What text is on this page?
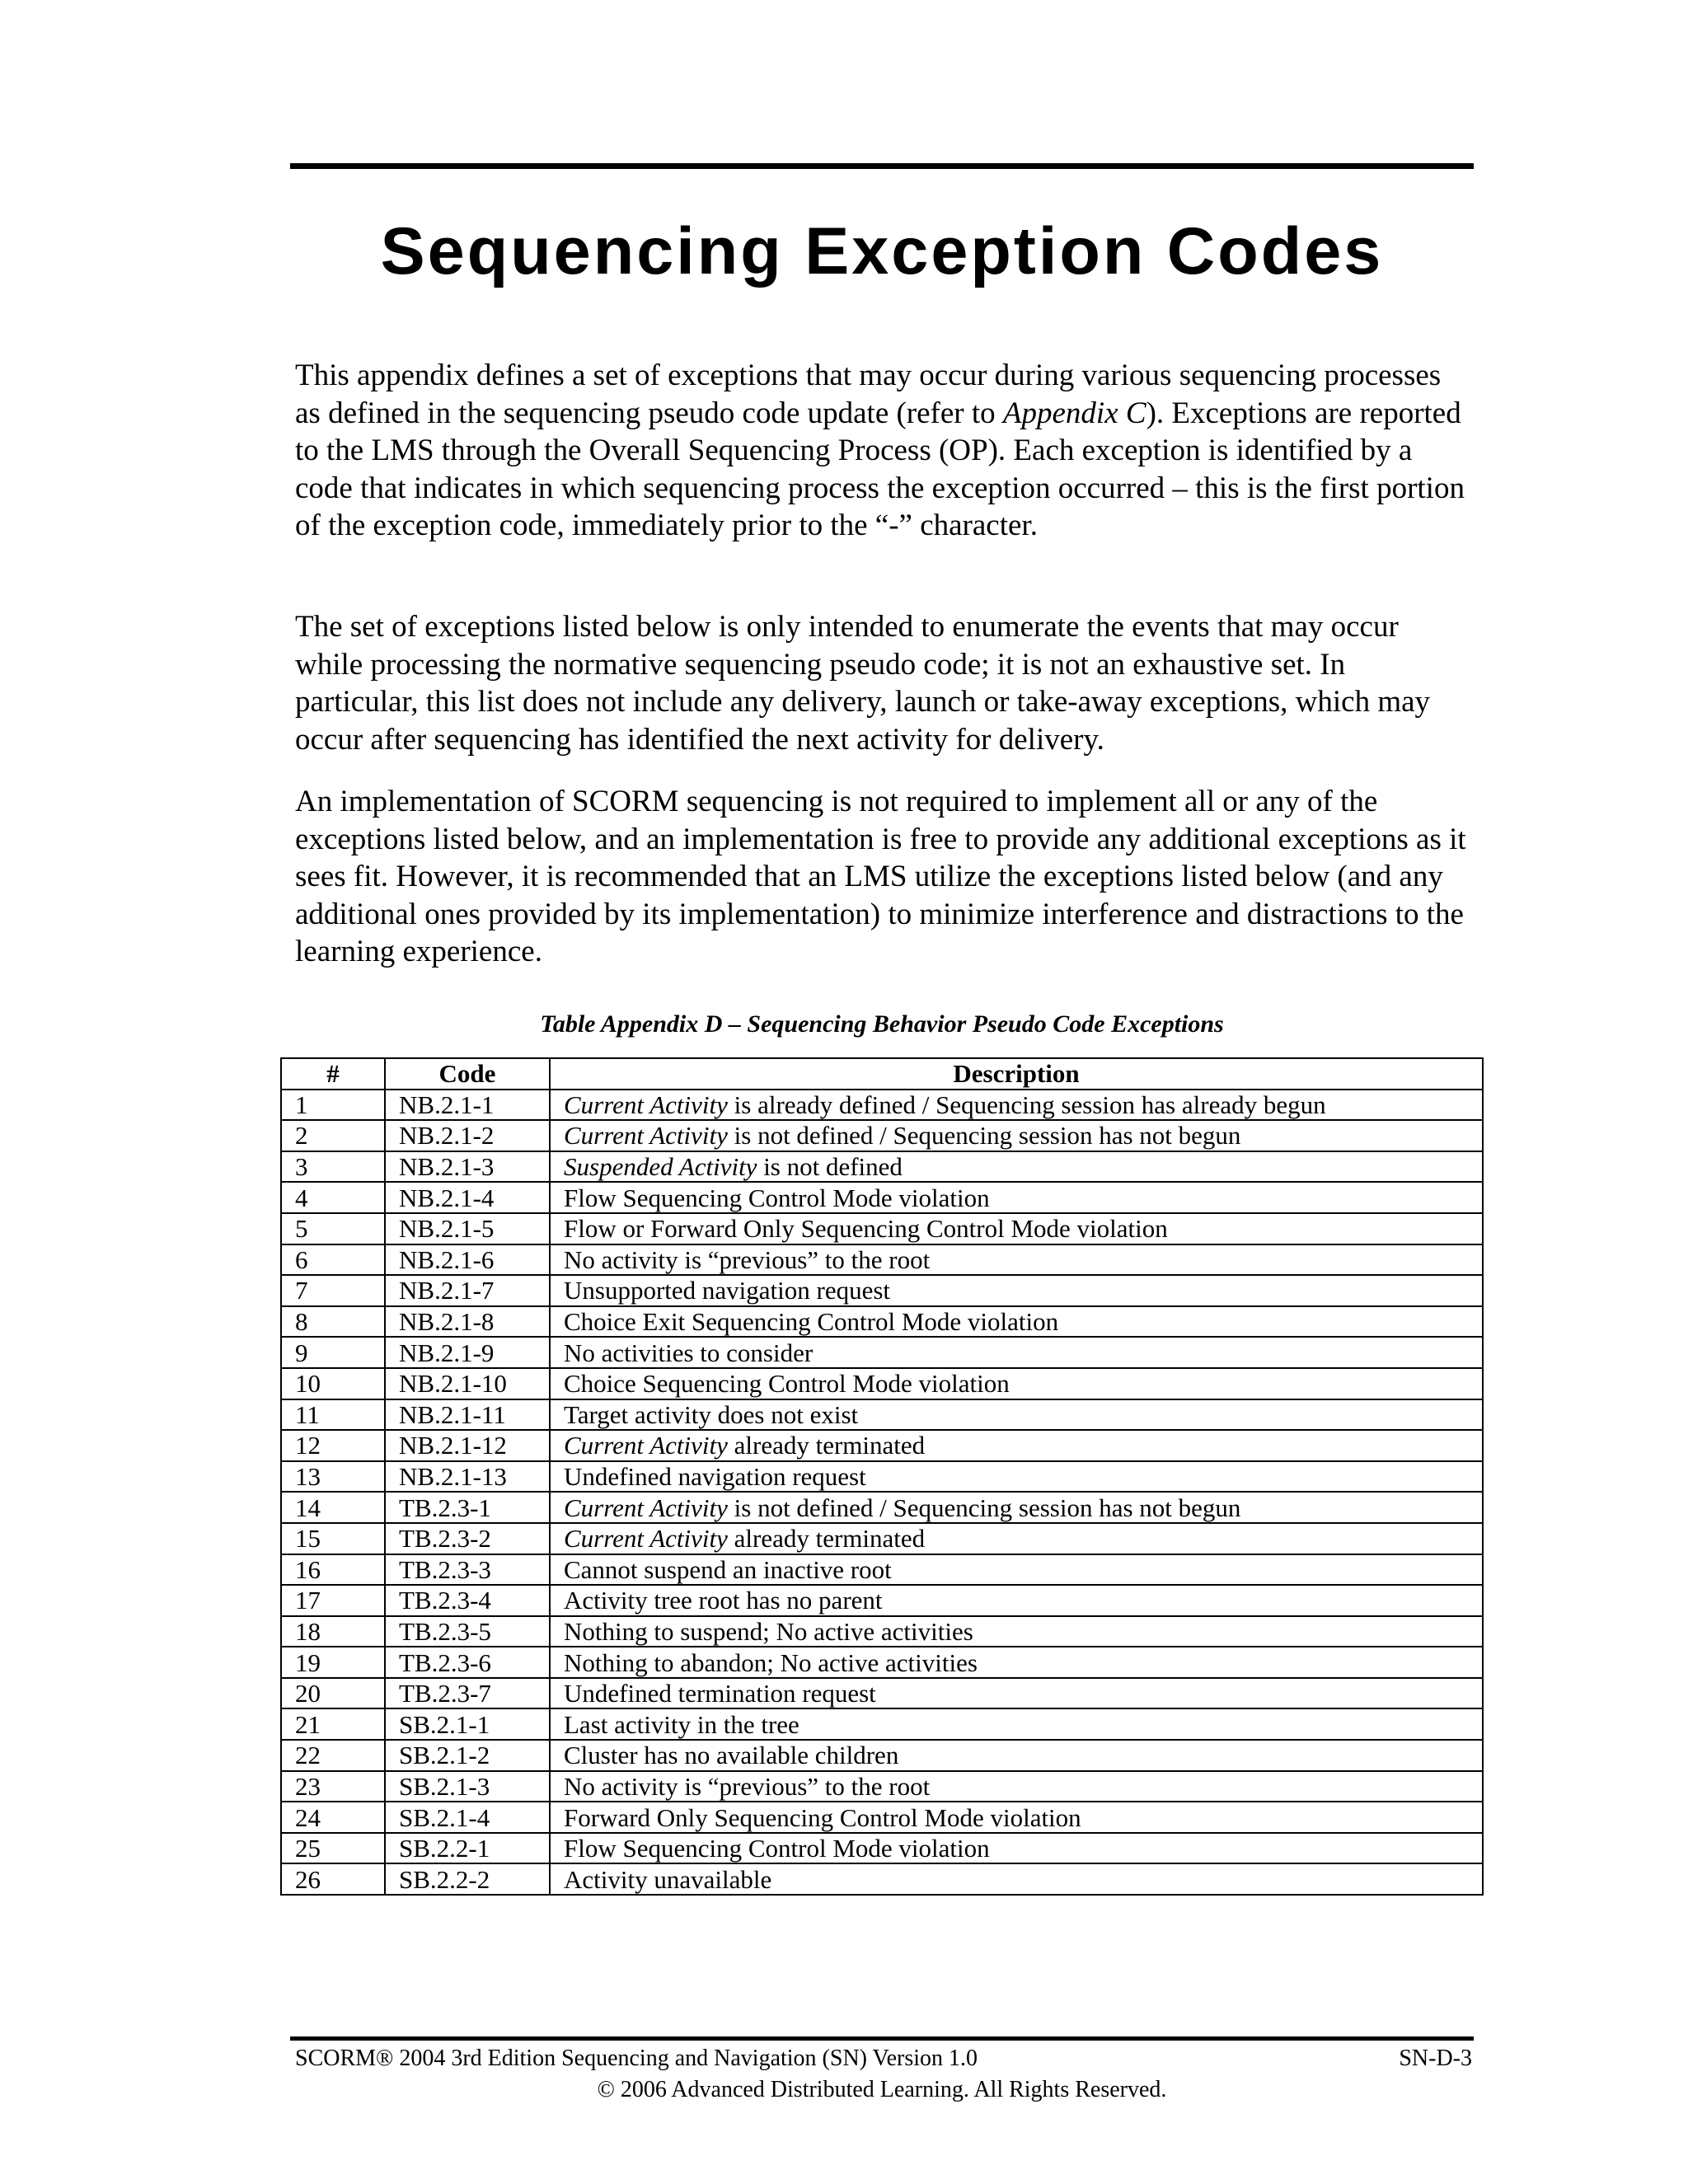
Sequencing Exception Codes

This appendix defines a set of exceptions that may occur during various sequencing processes as defined in the sequencing pseudo code update (refer to Appendix C). Exceptions are reported to the LMS through the Overall Sequencing Process (OP). Each exception is identified by a code that indicates in which sequencing process the exception occurred – this is the first portion of the exception code, immediately prior to the “-” character.

The set of exceptions listed below is only intended to enumerate the events that may occur while processing the normative sequencing pseudo code; it is not an exhaustive set. In particular, this list does not include any delivery, launch or take-away exceptions, which may occur after sequencing has identified the next activity for delivery.

An implementation of SCORM sequencing is not required to implement all or any of the exceptions listed below, and an implementation is free to provide any additional exceptions as it sees fit. However, it is recommended that an LMS utilize the exceptions listed below (and any additional ones provided by its implementation) to minimize interference and distractions to the learning experience.

Table Appendix D – Sequencing Behavior Pseudo Code Exceptions

#	Code	Description
1	NB.2.1-1	Current Activity is already defined / Sequencing session has already begun
2	NB.2.1-2	Current Activity is not defined / Sequencing session has not begun
3	NB.2.1-3	Suspended Activity is not defined
4	NB.2.1-4	Flow Sequencing Control Mode violation
5	NB.2.1-5	Flow or Forward Only Sequencing Control Mode violation
6	NB.2.1-6	No activity is “previous” to the root
7	NB.2.1-7	Unsupported navigation request
8	NB.2.1-8	Choice Exit Sequencing Control Mode violation
9	NB.2.1-9	No activities to consider
10	NB.2.1-10	Choice Sequencing Control Mode violation
11	NB.2.1-11	Target activity does not exist
12	NB.2.1-12	Current Activity already terminated
13	NB.2.1-13	Undefined navigation request
14	TB.2.3-1	Current Activity is not defined / Sequencing session has not begun
15	TB.2.3-2	Current Activity already terminated
16	TB.2.3-3	Cannot suspend an inactive root
17	TB.2.3-4	Activity tree root has no parent
18	TB.2.3-5	Nothing to suspend; No active activities
19	TB.2.3-6	Nothing to abandon; No active activities
20	TB.2.3-7	Undefined termination request
21	SB.2.1-1	Last activity in the tree
22	SB.2.1-2	Cluster has no available children
23	SB.2.1-3	No activity is “previous” to the root
24	SB.2.1-4	Forward Only Sequencing Control Mode violation
25	SB.2.2-1	Flow Sequencing Control Mode violation
26	SB.2.2-2	Activity unavailable
SCORM® 2004 3rd Edition Sequencing and Navigation (SN) Version 1.0	SN-D-3
© 2006 Advanced Distributed Learning. All Rights Reserved.
